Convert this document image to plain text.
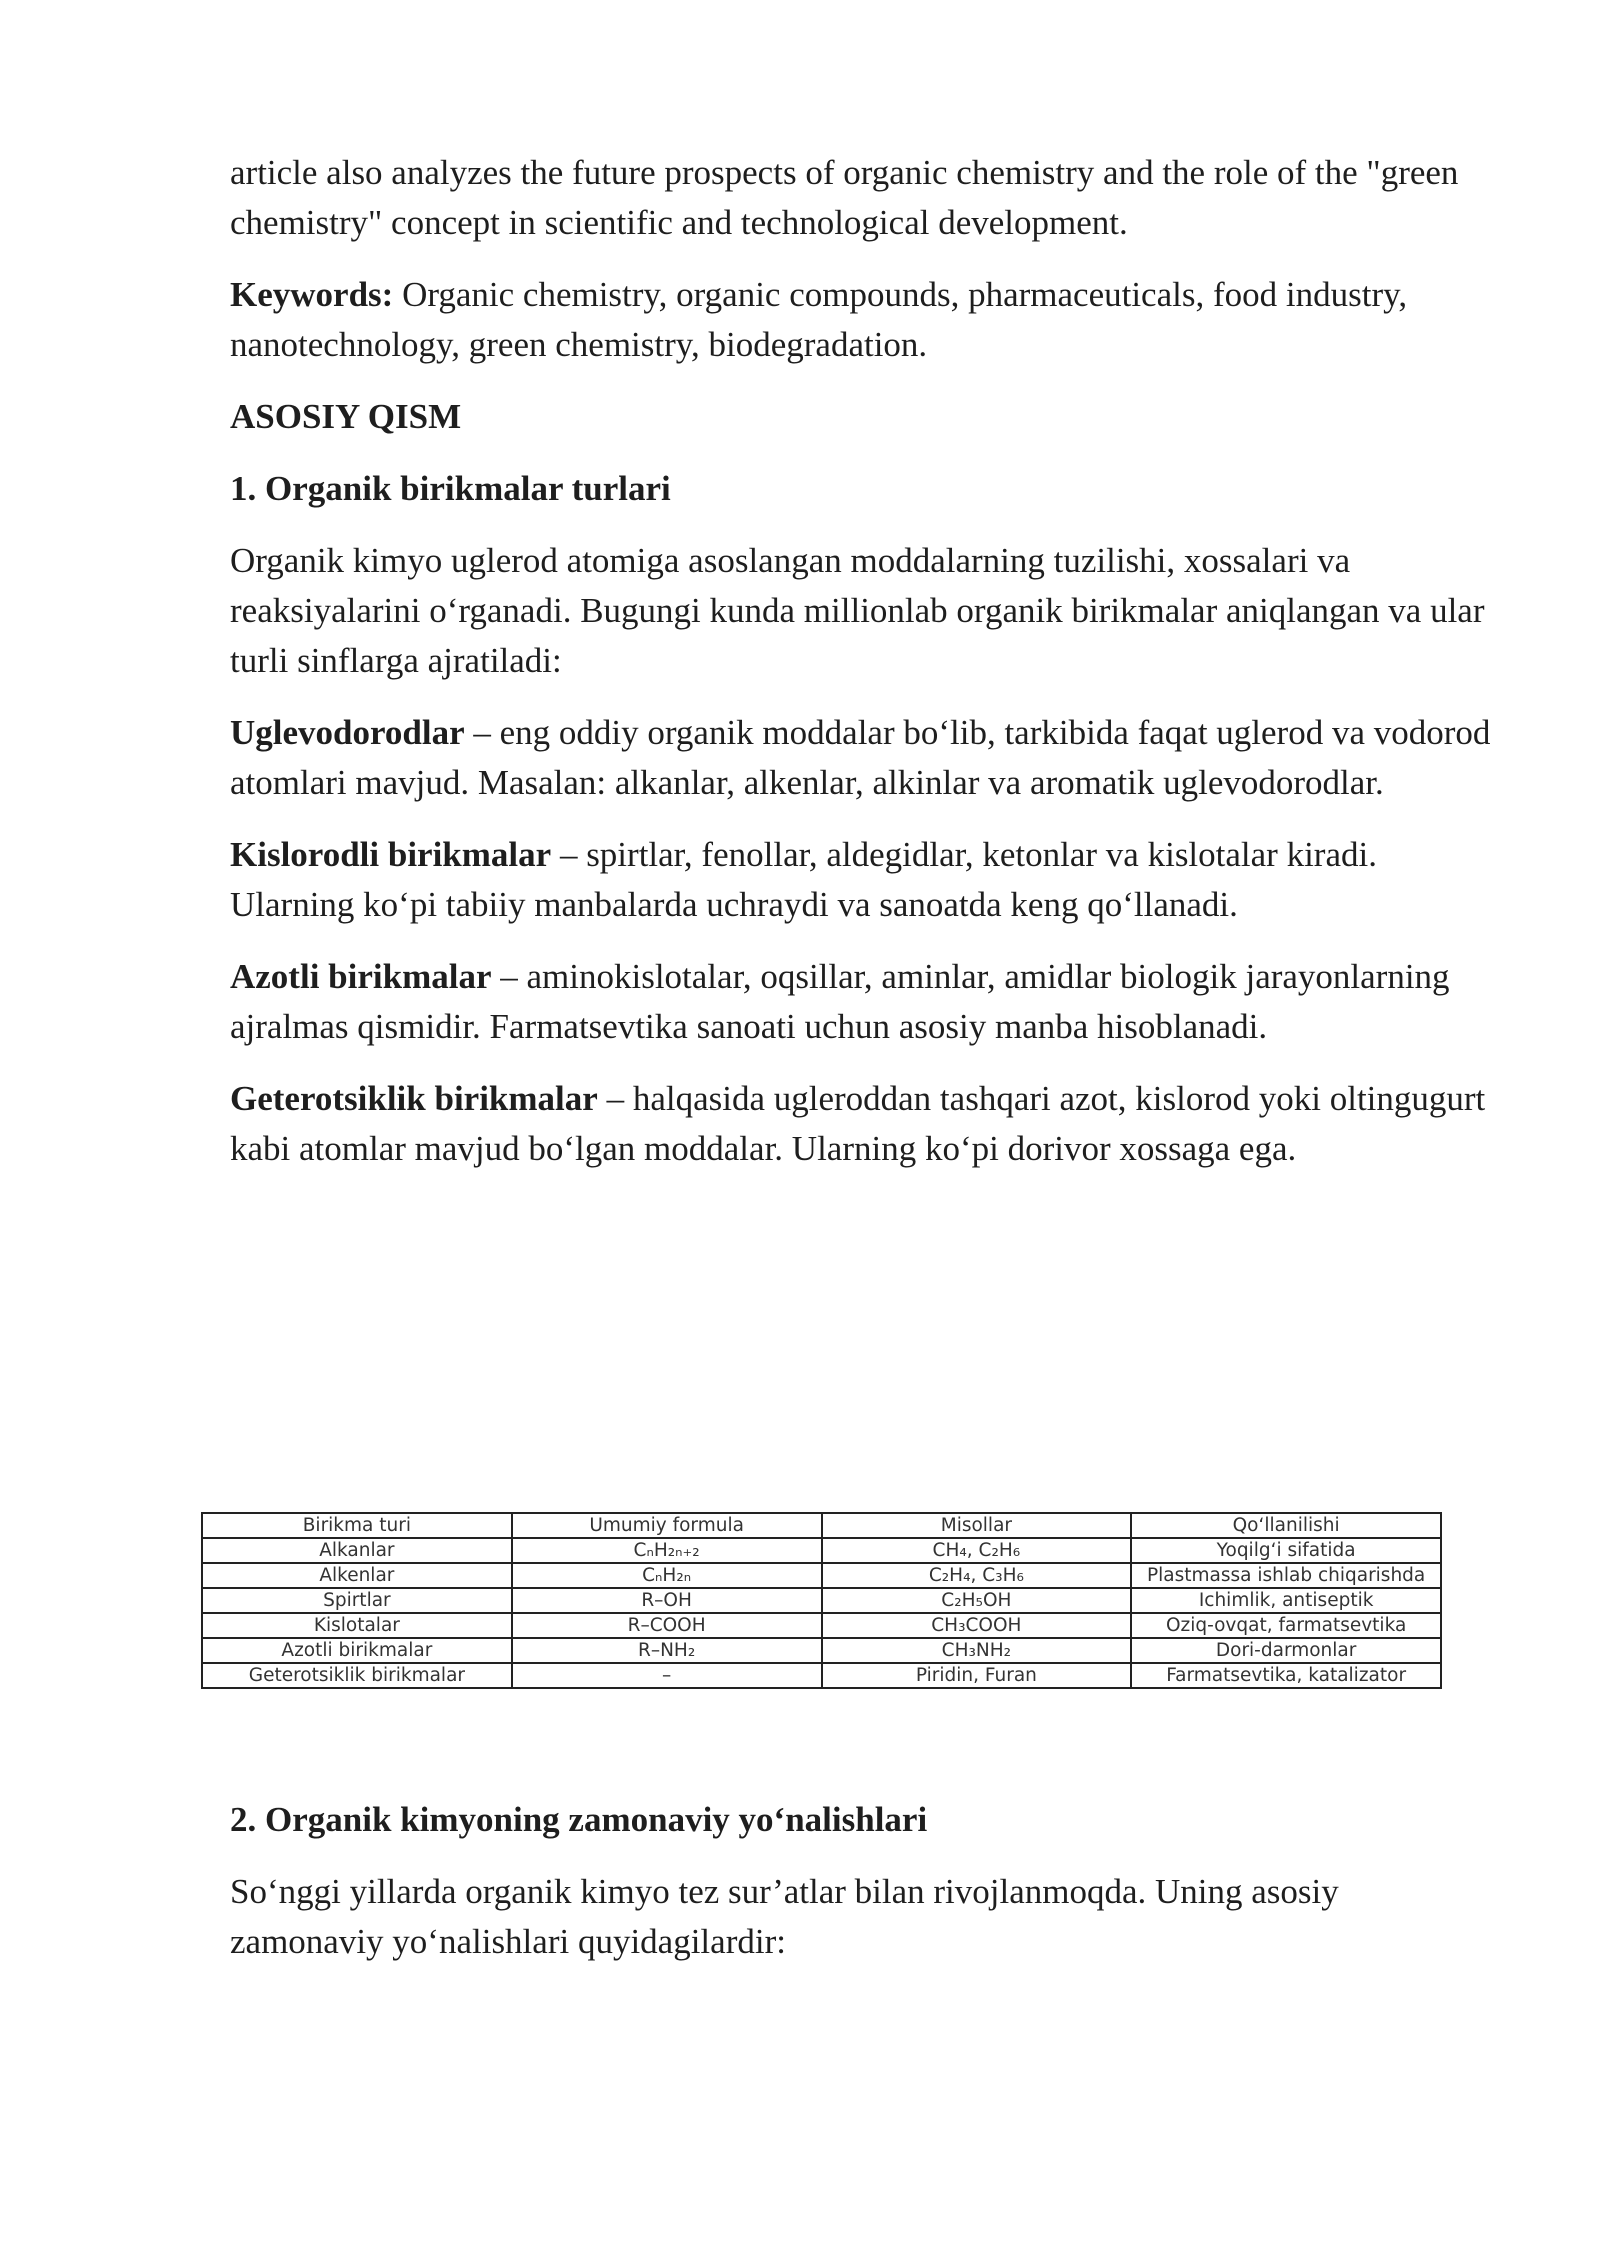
article also analyzes the future prospects of organic chemistry and the role of the "green chemistry" concept in scientific and technological development.

Keywords: Organic chemistry, organic compounds, pharmaceuticals, food industry, nanotechnology, green chemistry, biodegradation.

ASOSIY QISM

1. Organik birikmalar turlari

Organik kimyo uglerod atomiga asoslangan moddalarning tuzilishi, xossalari va reaksiyalarini o‘rganadi. Bugungi kunda millionlab organik birikmalar aniqlangan va ular turli sinflarga ajratiladi:

Uglevodorodlar – eng oddiy organik moddalar bo‘lib, tarkibida faqat uglerod va vodorod atomlari mavjud. Masalan: alkanlar, alkenlar, alkinlar va aromatik uglevodorodlar.

Kislorodli birikmalar – spirtlar, fenollar, aldegidlar, ketonlar va kislotalar kiradi. Ularning ko‘pi tabiiy manbalarda uchraydi va sanoatda keng qo‘llanadi.

Azotli birikmalar – aminokislotalar, oqsillar, aminlar, amidlar biologik jarayonlarning ajralmas qismidir. Farmatsevtika sanoati uchun asosiy manba hisoblanadi.

Geterotsiklik birikmalar – halqasida ugleroddan tashqari azot, kislorod yoki oltingugurt kabi atomlar mavjud bo‘lgan moddalar. Ularning ko‘pi dorivor xossaga ega.

Birikma turi	Umumiy formula	Misollar	Qo‘llanilishi
Alkanlar	CₙH₂ₙ₊₂	CH₄, C₂H₆	Yoqilg‘i sifatida
Alkenlar	CₙH₂ₙ	C₂H₄, C₃H₆	Plastmassa ishlab chiqarishda
Spirtlar	R–OH	C₂H₅OH	Ichimlik, antiseptik
Kislotalar	R–COOH	CH₃COOH	Oziq-ovqat, farmatsevtika
Azotli birikmalar	R–NH₂	CH₃NH₂	Dori-darmonlar
Geterotsiklik birikmalar	–	Piridin, Furan	Farmatsevtika, katalizator

2. Organik kimyoning zamonaviy yo‘nalishlari

So‘nggi yillarda organik kimyo tez sur’atlar bilan rivojlanmoqda. Uning asosiy zamonaviy yo‘nalishlari quyidagilardir:
